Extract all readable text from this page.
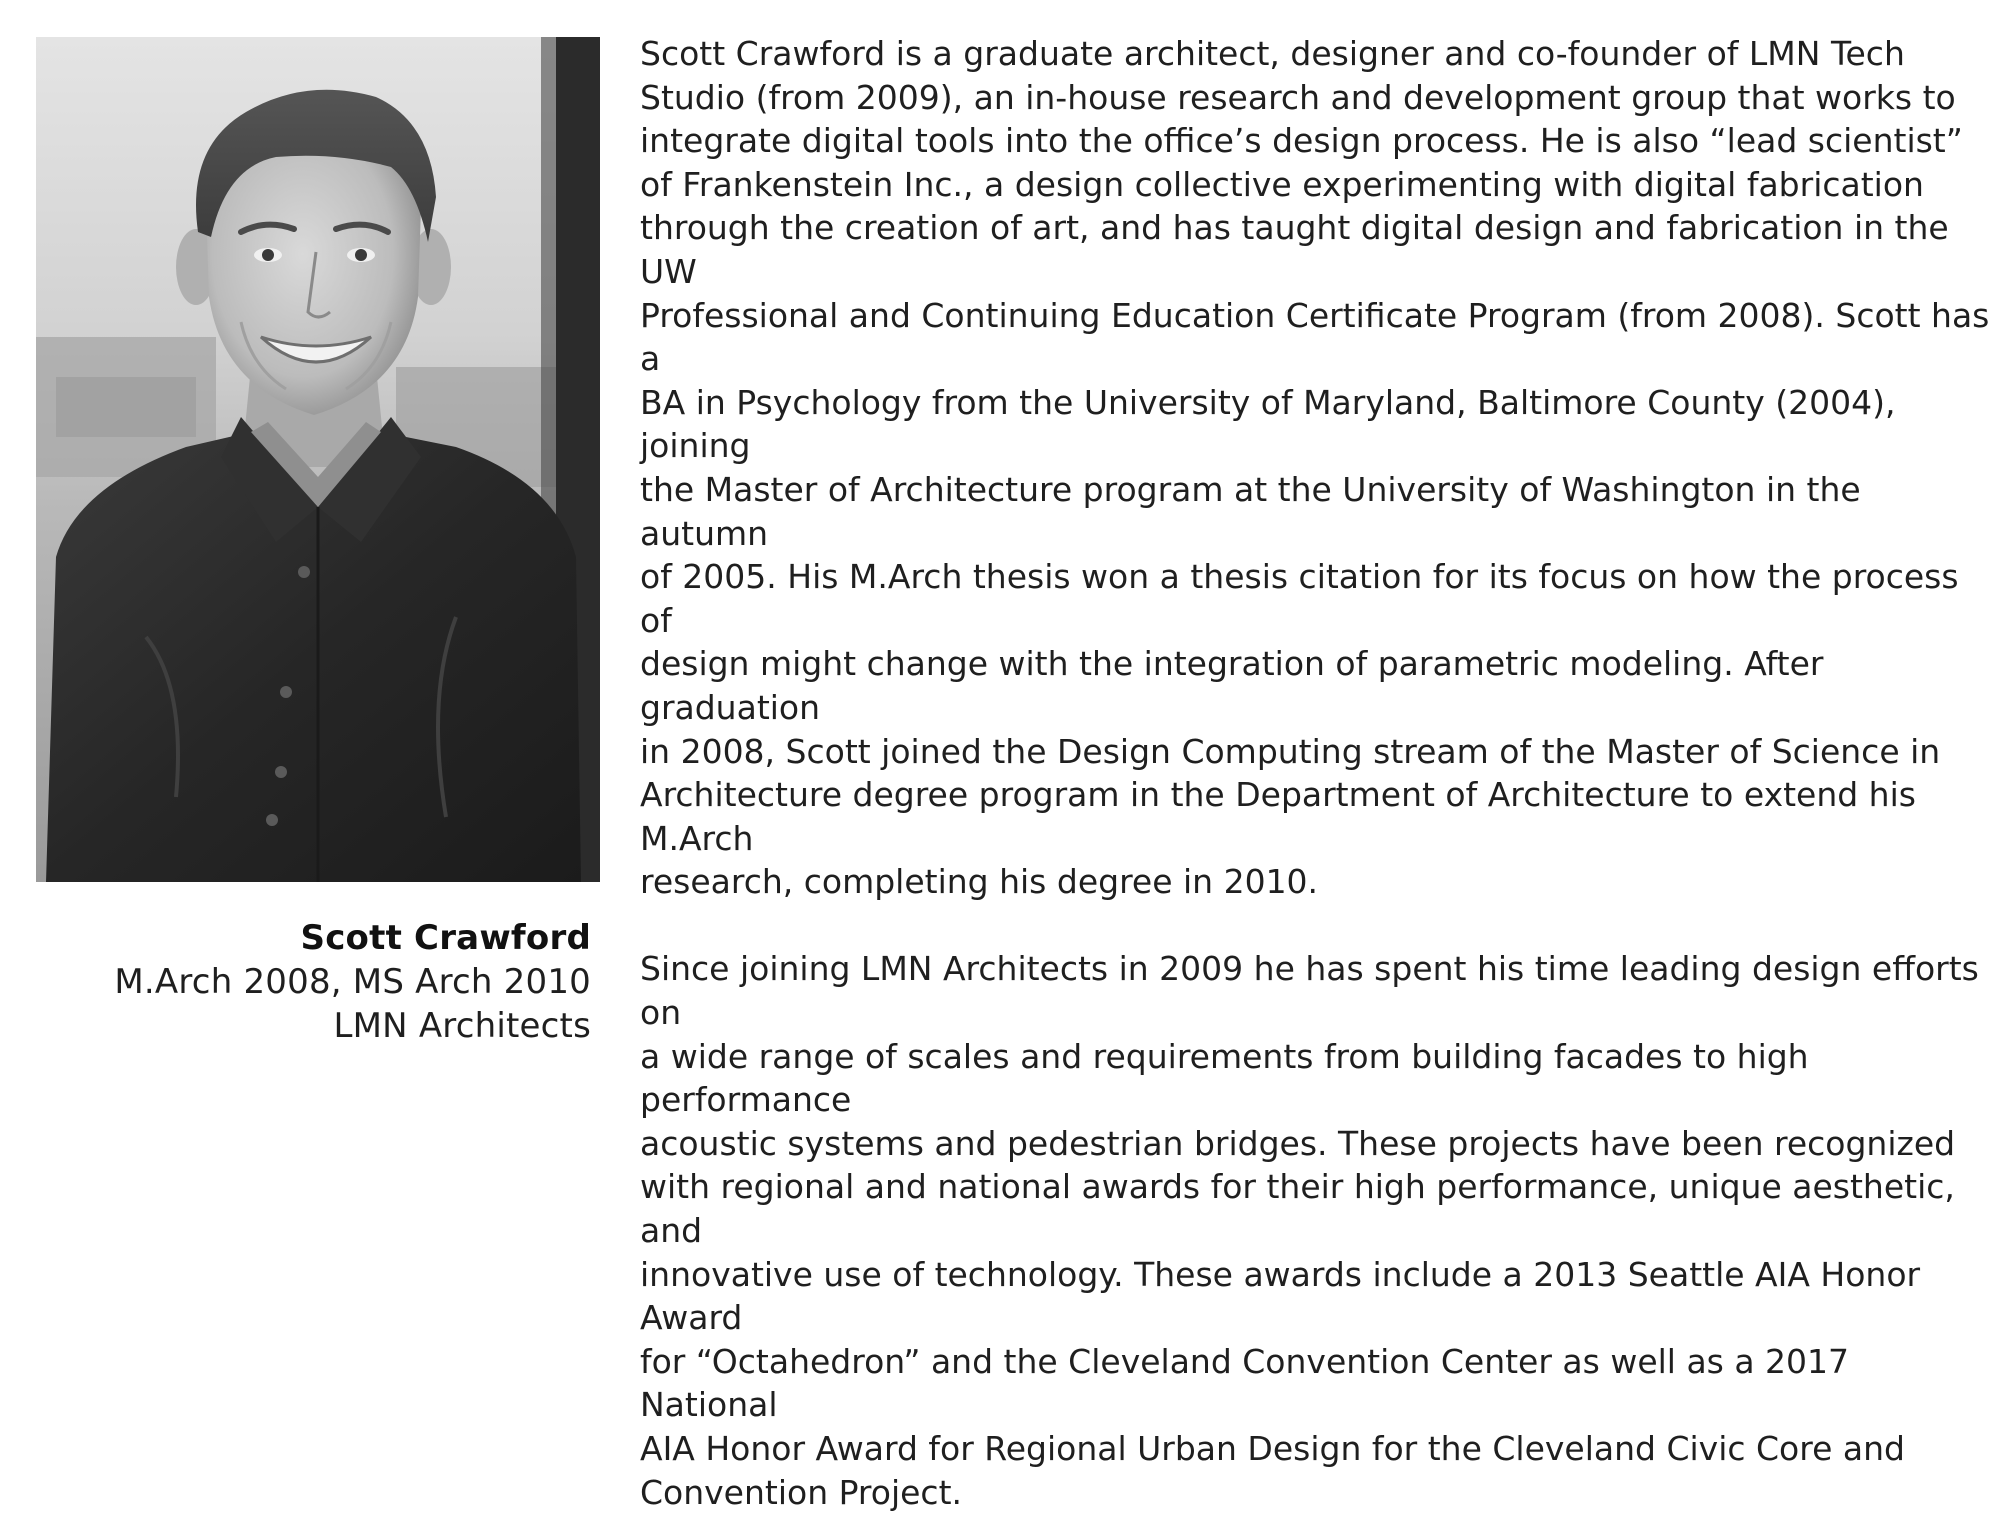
Scott Crawford
M.Arch 2008, MS Arch 2010
LMN Architects

Scott Crawford is a graduate architect, designer and co-founder of LMN Tech
Studio (from 2009), an in-house research and development group that works to
integrate digital tools into the office’s design process. He is also “lead scientist”
of Frankenstein Inc., a design collective experimenting with digital fabrication
through the creation of art, and has taught digital design and fabrication in the UW
Professional and Continuing Education Certificate Program (from 2008). Scott has a
BA in Psychology from the University of Maryland, Baltimore County (2004), joining
the Master of Architecture program at the University of Washington in the autumn
of 2005. His M.Arch thesis won a thesis citation for its focus on how the process of
design might change with the integration of parametric modeling. After graduation
in 2008, Scott joined the Design Computing stream of the Master of Science in
Architecture degree program in the Department of Architecture to extend his M.Arch
research, completing his degree in 2010.

Since joining LMN Architects in 2009 he has spent his time leading design efforts on
a wide range of scales and requirements from building facades to high performance
acoustic systems and pedestrian bridges. These projects have been recognized
with regional and national awards for their high performance, unique aesthetic, and
innovative use of technology. These awards include a 2013 Seattle AIA Honor Award
for “Octahedron” and the Cleveland Convention Center as well as a 2017 National
AIA Honor Award for Regional Urban Design for the Cleveland Civic Core and
Convention Project.
